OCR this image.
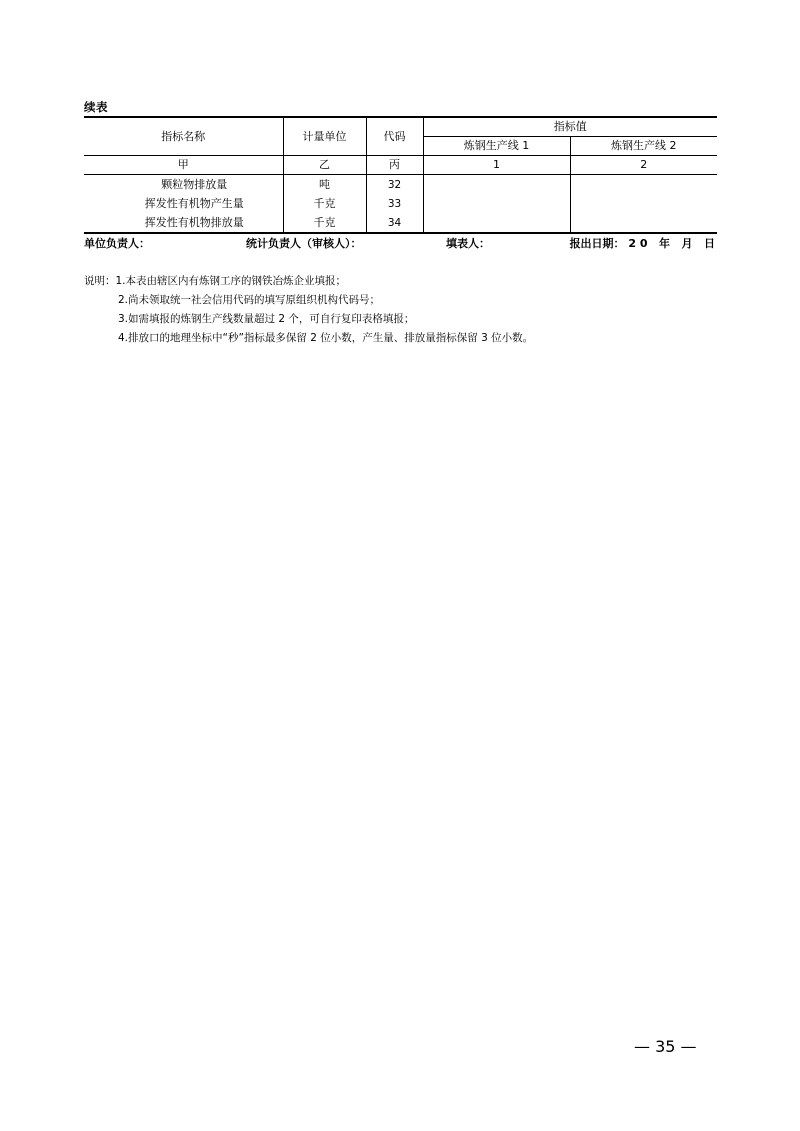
续表
指标名称	计量单位	代码	指标值	
			炼钢生产线 1	炼钢生产线 2
甲	乙	丙	1	2
颗粒物排放量	吨	32		
挥发性有机物产生量	千克	33		
挥发性有机物排放量	千克	34		
单位负责人：	统计负责人（审核人）：	填表人：	报出日期： 2 0   年   月   日
说明：1.本表由辖区内有炼钢工序的钢铁冶炼企业填报；
2.尚未领取统一社会信用代码的填写原组织机构代码号；
3.如需填报的炼钢生产线数量超过 2 个，可自行复印表格填报；
4.排放口的地理坐标中“秒”指标最多保留 2 位小数，产生量、排放量指标保留 3 位小数。
— 35 —
